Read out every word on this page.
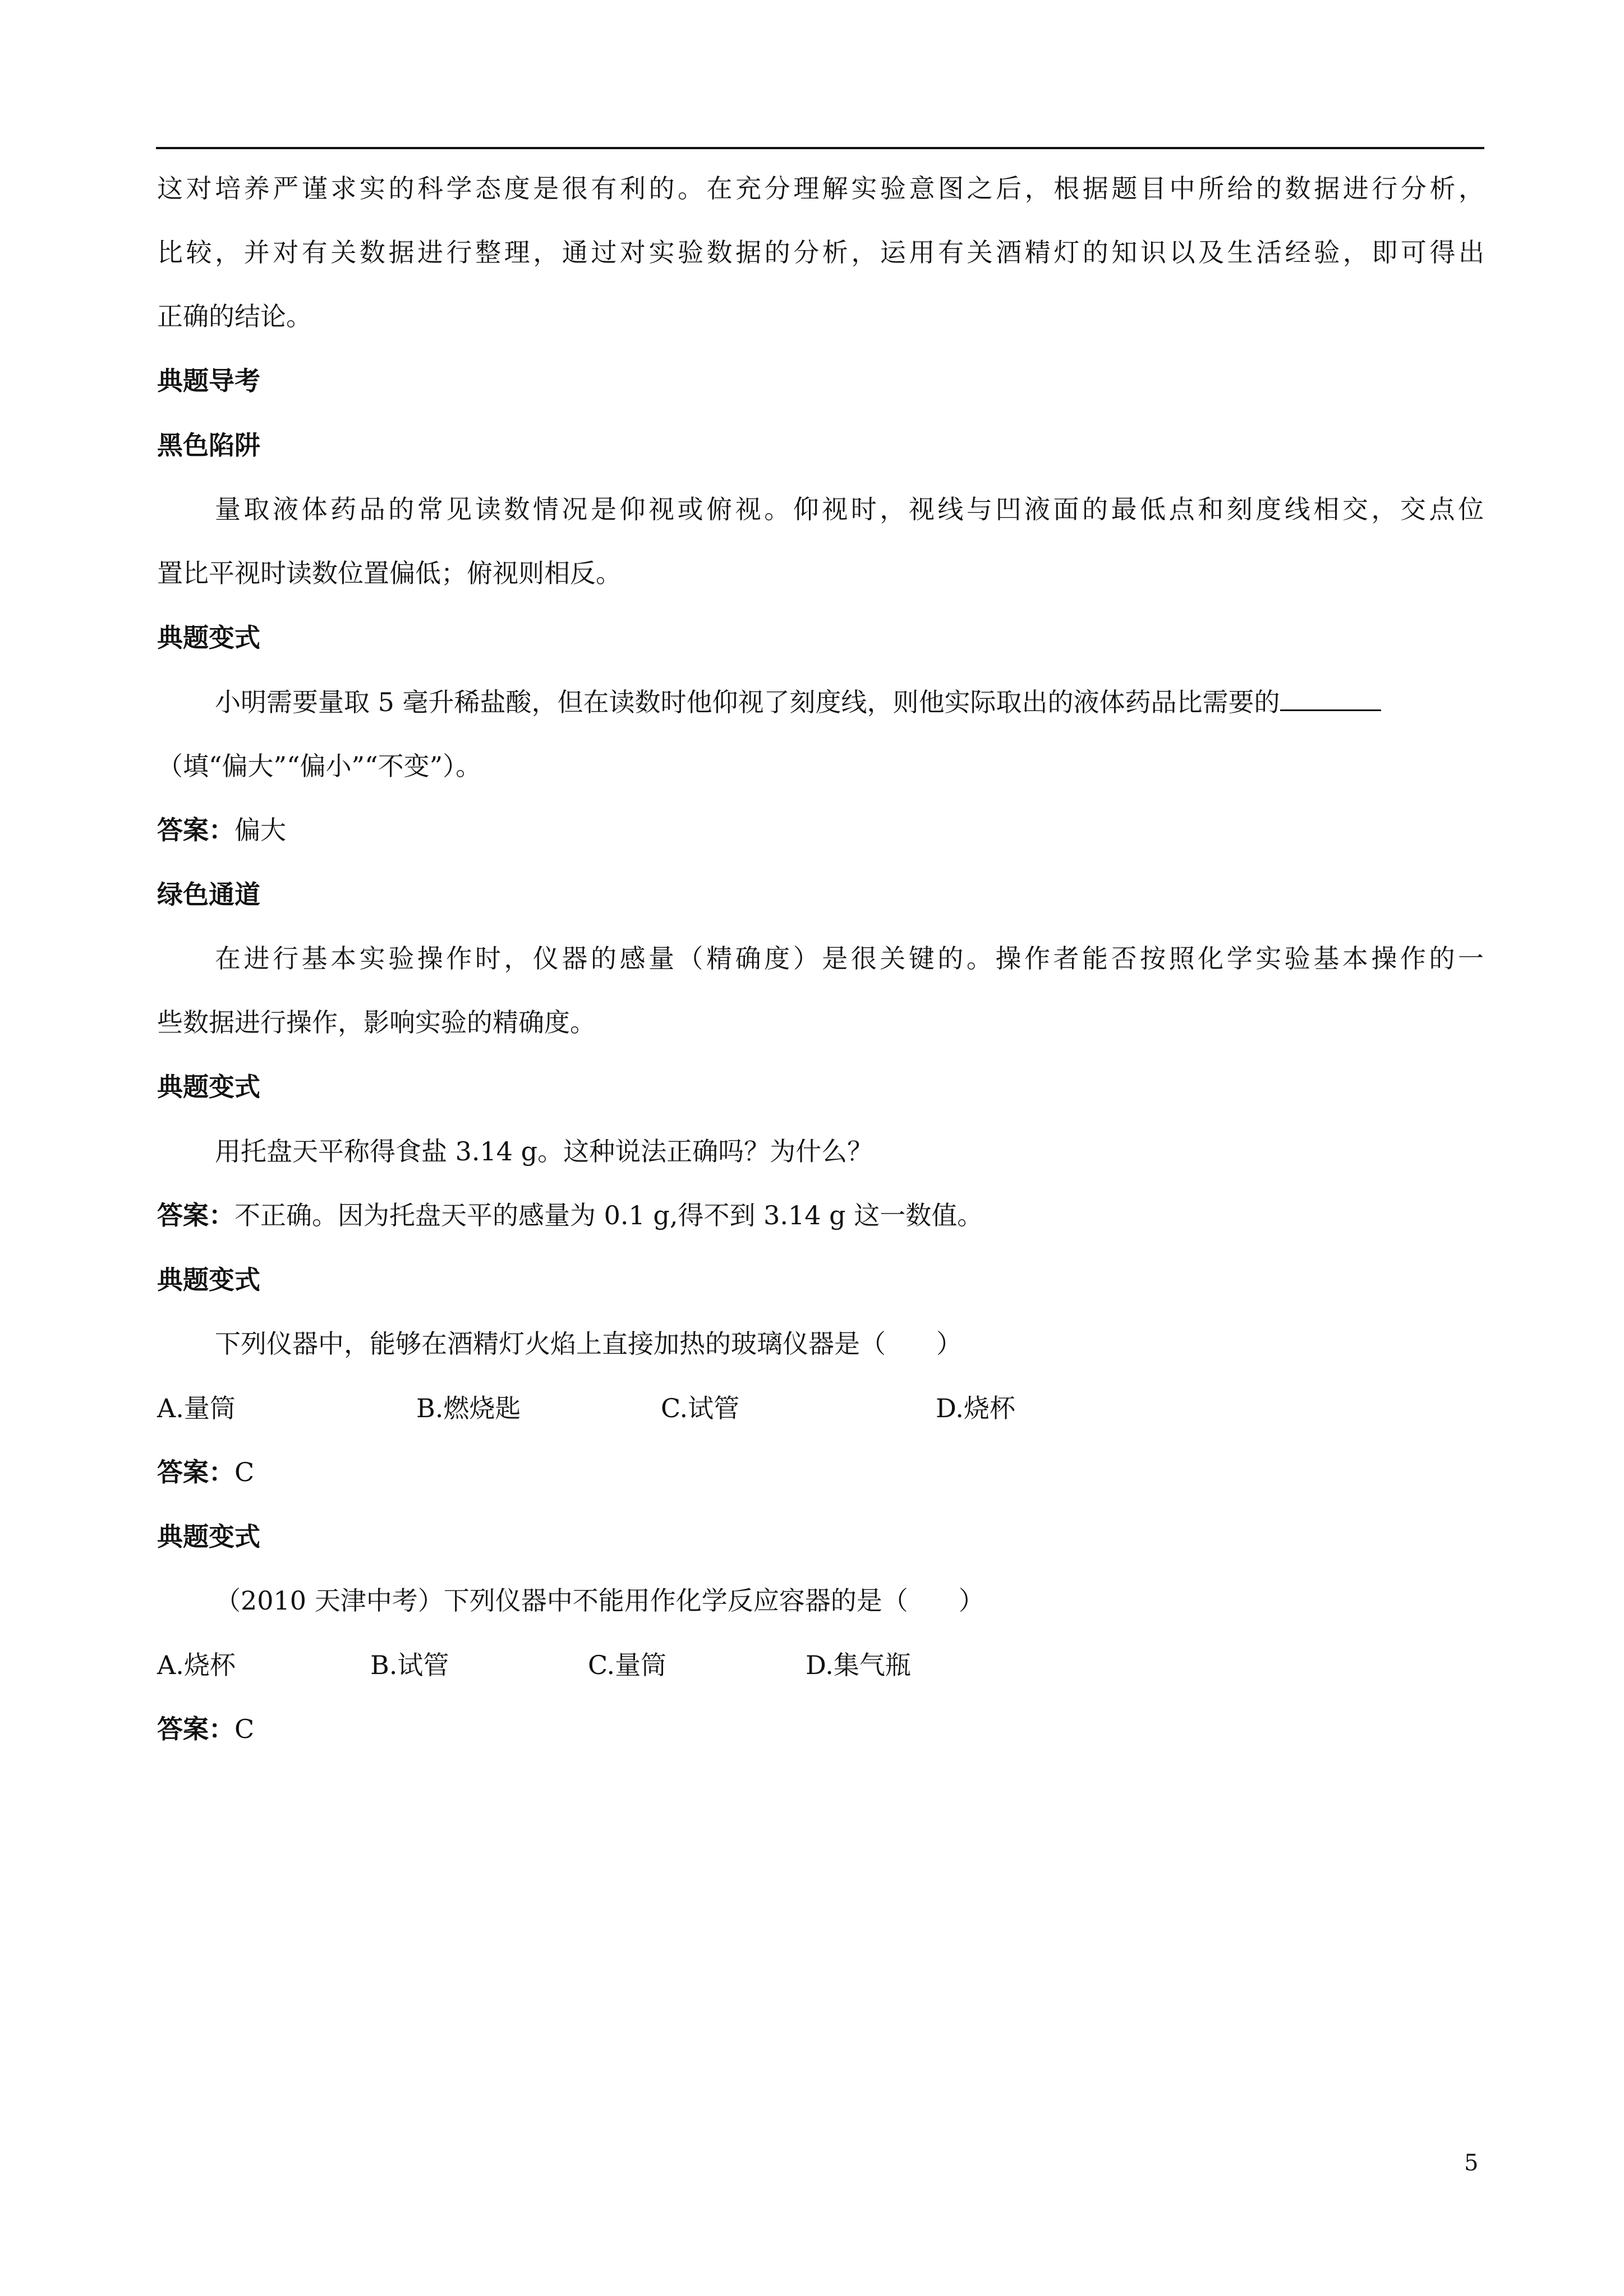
这对培养严谨求实的科学态度是很有利的。在充分理解实验意图之后，根据题目中所给的数据进行分析，
比较，并对有关数据进行整理，通过对实验数据的分析，运用有关酒精灯的知识以及生活经验，即可得出
正确的结论。
典题导考
黑色陷阱
量取液体药品的常见读数情况是仰视或俯视。仰视时，视线与凹液面的最低点和刻度线相交，交点位
置比平视时读数位置偏低；俯视则相反。
典题变式
小明需要量取 5 毫升稀盐酸，但在读数时他仰视了刻度线，则他实际取出的液体药品比需要的
（填“偏大”“偏小”“不变”）。
答案：偏大
绿色通道
在进行基本实验操作时，仪器的感量（精确度）是很关键的。操作者能否按照化学实验基本操作的一
些数据进行操作，影响实验的精确度。
典题变式
用托盘天平称得食盐 3.14 g。这种说法正确吗？为什么？
答案：不正确。因为托盘天平的感量为 0.1 g,得不到 3.14 g 这一数值。
典题变式
下列仪器中，能够在酒精灯火焰上直接加热的玻璃仪器是（ ）
A.量筒	B.燃烧匙	C.试管	D.烧杯
答案：C
典题变式
（2010 天津中考）下列仪器中不能用作化学反应容器的是（ ）
A.烧杯	B.试管	C.量筒	D.集气瓶
答案：C
5
